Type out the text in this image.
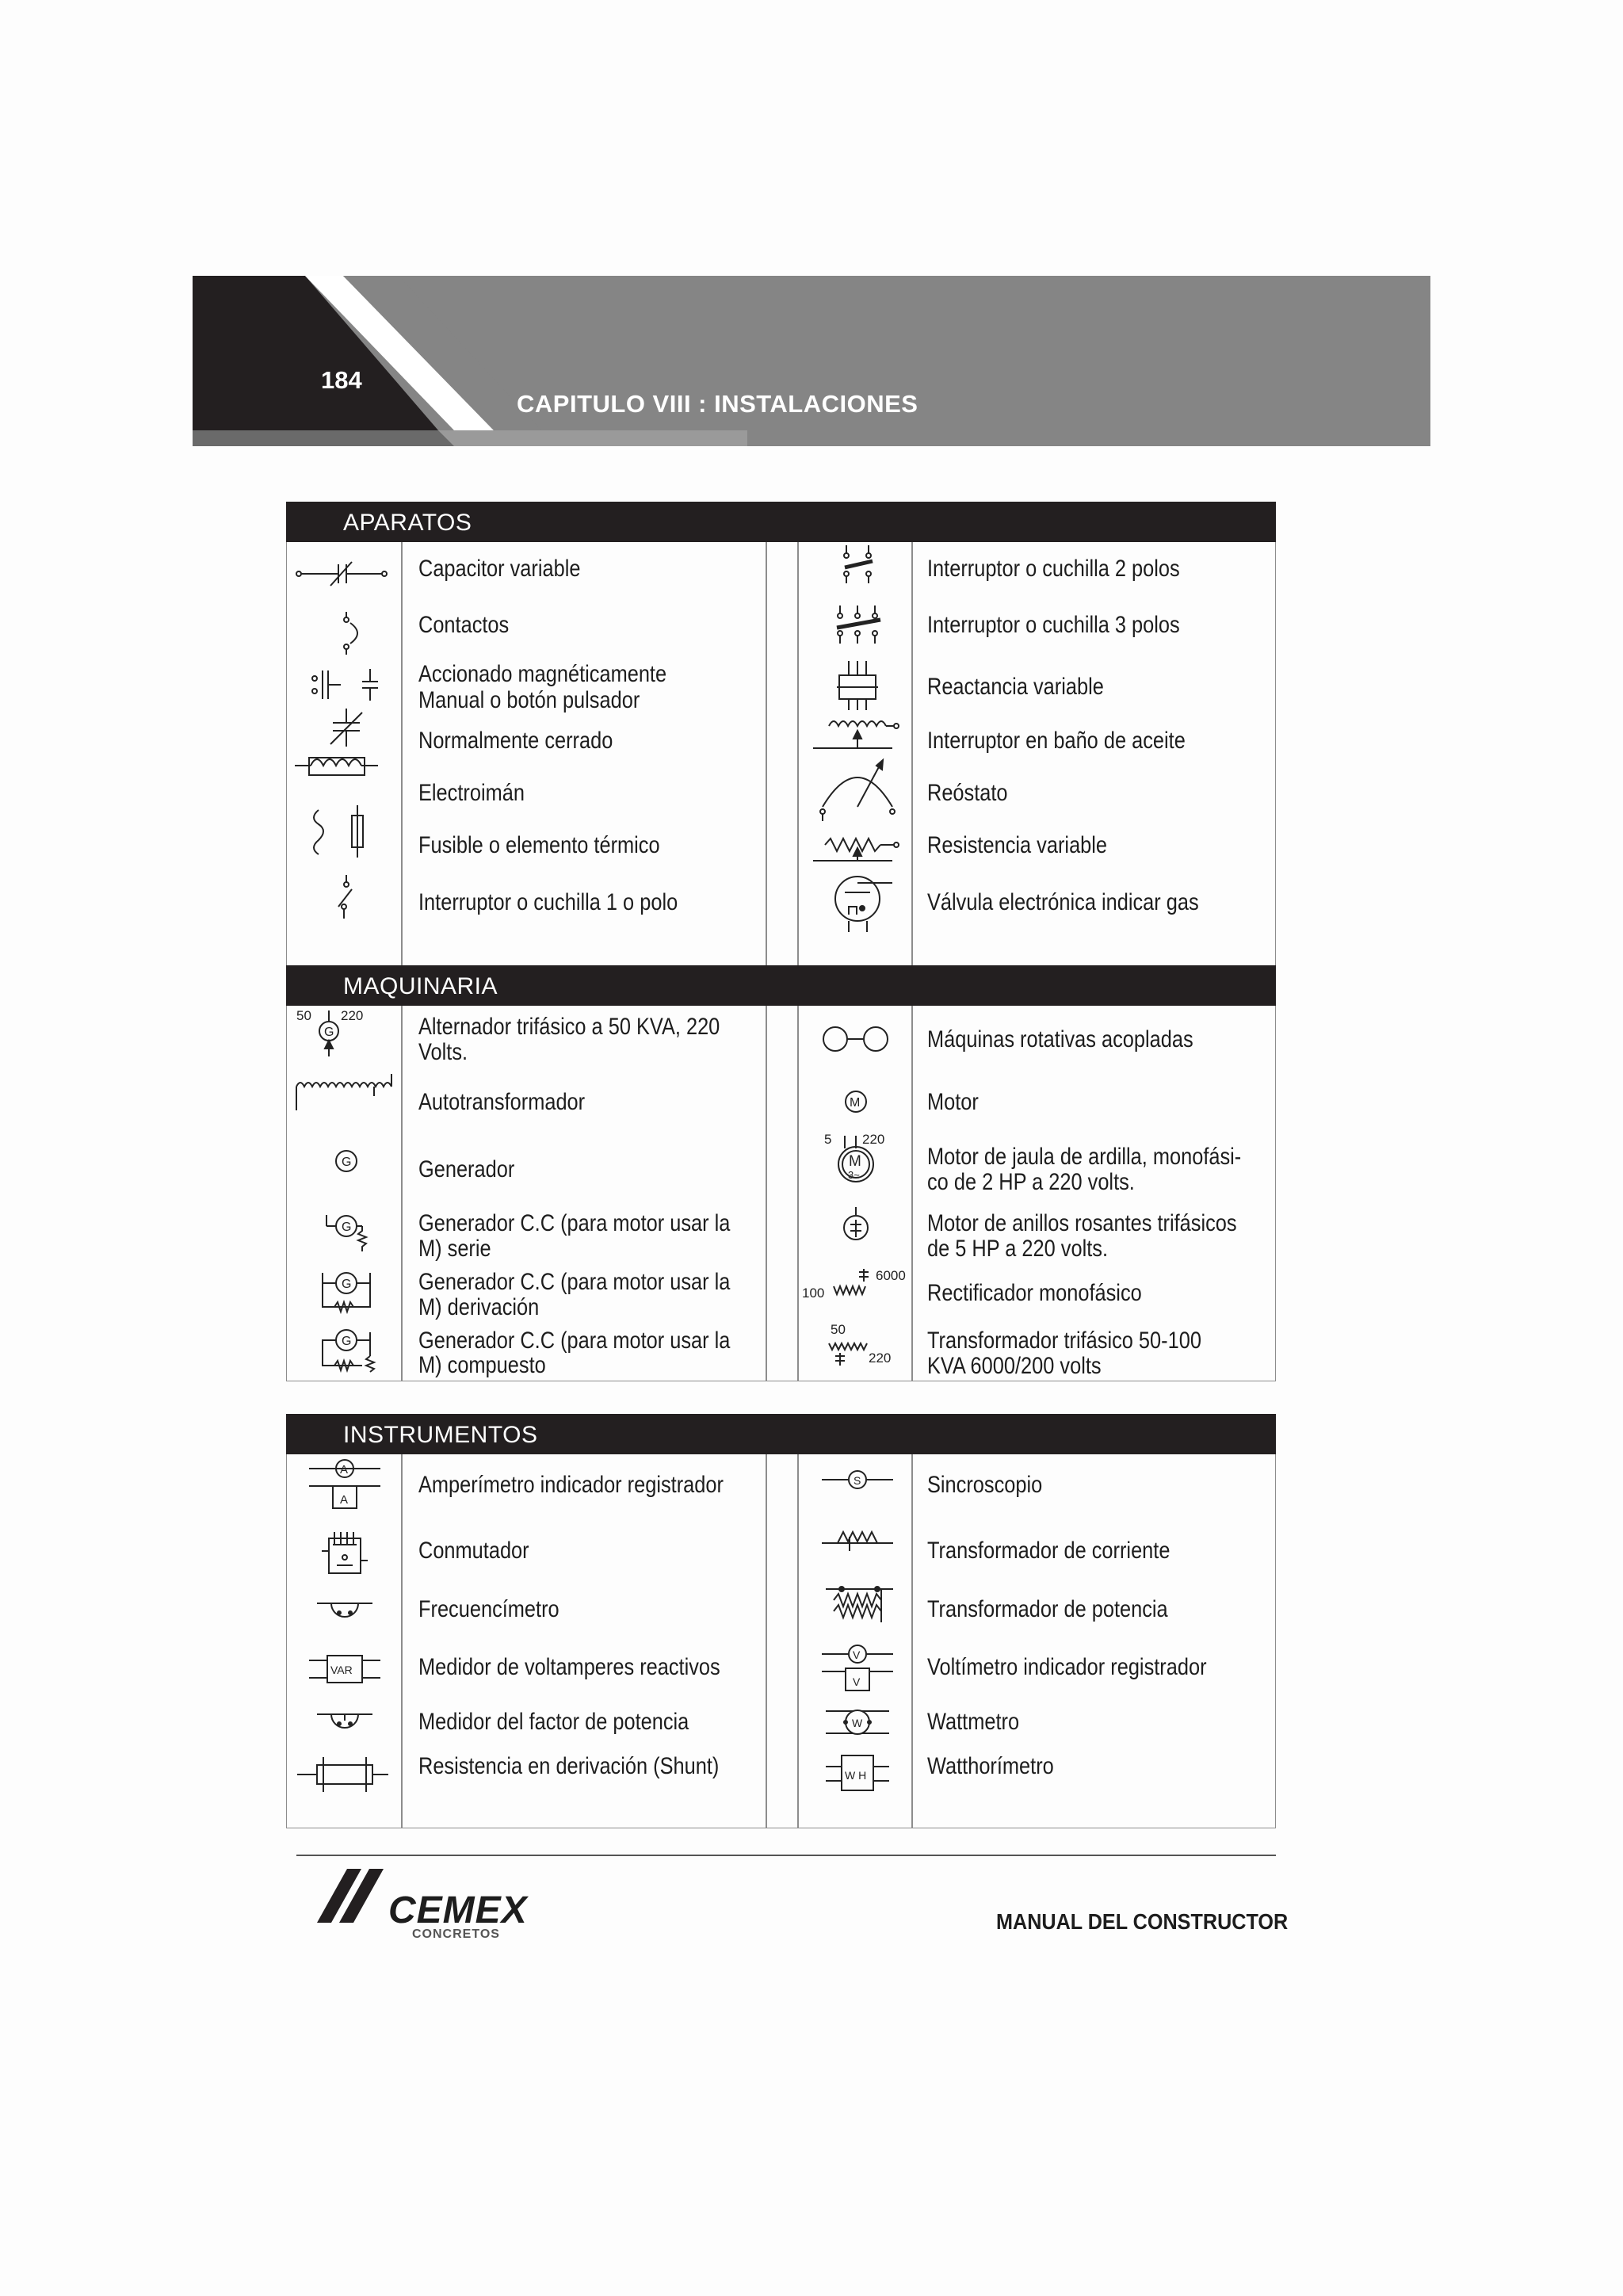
184
CAPITULO VIII : INSTALACIONES
APARATOS
Capacitor variable
Contactos
Accionado magnéticamente
Manual o botón pulsador
Normalmente cerrado
Electroimán
Fusible o elemento térmico
Interruptor o cuchilla 1 o polo
Interruptor o cuchilla 2 polos
Interruptor o cuchilla 3 polos
Reactancia variable
Interruptor en baño de aceite
Reóstato
Resistencia variable
Válvula electrónica indicar gas
MAQUINARIA
50 220
G
G
G
G
G
Alternador trifásico a 50 KVA, 220
Volts.
Autotransformador
Generador
Generador C.C (para motor usar la
M) serie
Generador C.C (para motor usar la
M) derivación
Generador C.C (para motor usar la
M) compuesto
M
5 220
M
3~
6000
100
50
220
Máquinas rotativas acopladas
Motor
Motor de jaula de ardilla, monofási-
co de 2 HP a 220 volts.
Motor de anillos rosantes trifásicos
de 5 HP a 220 volts.
Rectificador monofásico
Transformador trifásico 50-100
KVA 6000/200 volts
INSTRUMENTOS
A
A
VAR
Amperímetro indicador registrador
Conmutador
Frecuencímetro
Medidor de voltamperes reactivos
Medidor del factor de potencia
Resistencia en derivación (Shunt)
S
V
V
W
W H
Sincroscopio
Transformador de corriente
Transformador de potencia
Voltímetro indicador registrador
Wattmetro
Watthorímetro
CEMEX
CONCRETOS
MANUAL DEL CONSTRUCTOR
